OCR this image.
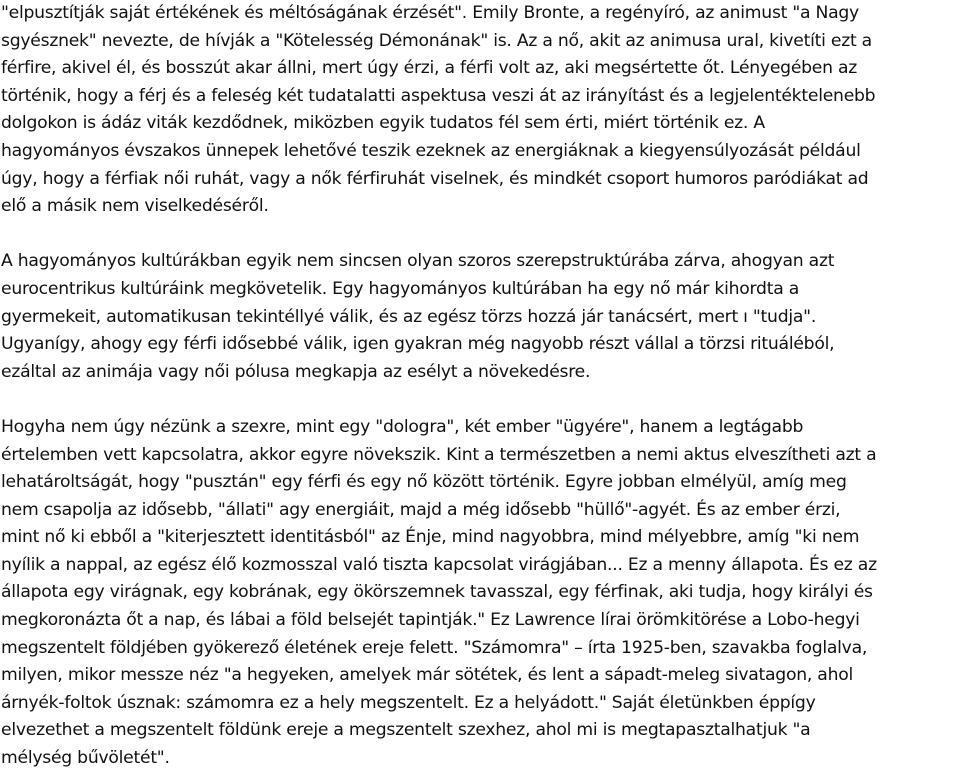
"elpusztítják saját értékének és méltóságának érzését". Emily Bronte, a regényíró, az animust "a Nagy
sgyésznek" nevezte, de hívják a "Kötelesség Démonának" is. Az a nő, akit az animusa ural, kivetíti ezt a
férfire, akivel él, és bosszút akar állni, mert úgy érzi, a férfi volt az, aki megsértette őt. Lényegében az
történik, hogy a férj és a feleség két tudatalatti aspektusa veszi át az irányítást és a legjelentéktelenebb
dolgokon is ádáz viták kezdődnek, miközben egyik tudatos fél sem érti, miért történik ez. A
hagyományos évszakos ünnepek lehetővé teszik ezeknek az energiáknak a kiegyensúlyozását például
úgy, hogy a férfiak női ruhát, vagy a nők férfiruhát viselnek, és mindkét csoport humoros paródiákat ad
elő a másik nem viselkedéséről.

A hagyományos kultúrákban egyik nem sincsen olyan szoros szerepstruktúrába zárva, ahogyan azt
eurocentrikus kultúráink megkövetelik. Egy hagyományos kultúrában ha egy nő már kihordta a
gyermekeit, automatikusan tekintéllyé válik, és az egész törzs hozzá jár tanácsért, mert ı "tudja".
Ugyanígy, ahogy egy férfi idősebbé válik, igen gyakran még nagyobb részt vállal a törzsi rituáléból,
ezáltal az animája vagy női pólusa megkapja az esélyt a növekedésre.

Hogyha nem úgy nézünk a szexre, mint egy "dologra", két ember "ügyére", hanem a legtágabb
értelemben vett kapcsolatra, akkor egyre növekszik. Kint a természetben a nemi aktus elveszítheti azt a
lehatároltságát, hogy "pusztán" egy férfi és egy nő között történik. Egyre jobban elmélyül, amíg meg
nem csapolja az idősebb, "állati" agy energiáit, majd a még idősebb "hüllő"-agyét. És az ember érzi,
mint nő ki ebből a "kiterjesztett identitásból" az Énje, mind nagyobbra, mind mélyebbre, amíg "ki nem
nyílik a nappal, az egész élő kozmosszal való tiszta kapcsolat virágjában... Ez a menny állapota. És ez az
állapota egy virágnak, egy kobrának, egy ökörszemnek tavasszal, egy férfinak, aki tudja, hogy királyi és
megkoronázta őt a nap, és lábai a föld belsejét tapintják." Ez Lawrence lírai örömkitörése a Lobo-hegyi
megszentelt földjében gyökerező életének ereje felett. "Számomra" – írta 1925-ben, szavakba foglalva,
milyen, mikor messze néz "a hegyeken, amelyek már sötétek, és lent a sápadt-meleg sivatagon, ahol
árnyék-foltok úsznak: számomra ez a hely megszentelt. Ez a helyádott." Saját életünkben éppígy
elvezethet a megszentelt földünk ereje a megszentelt szexhez, ahol mi is megtapasztalhatjuk "a
mélység bűvöletét".
